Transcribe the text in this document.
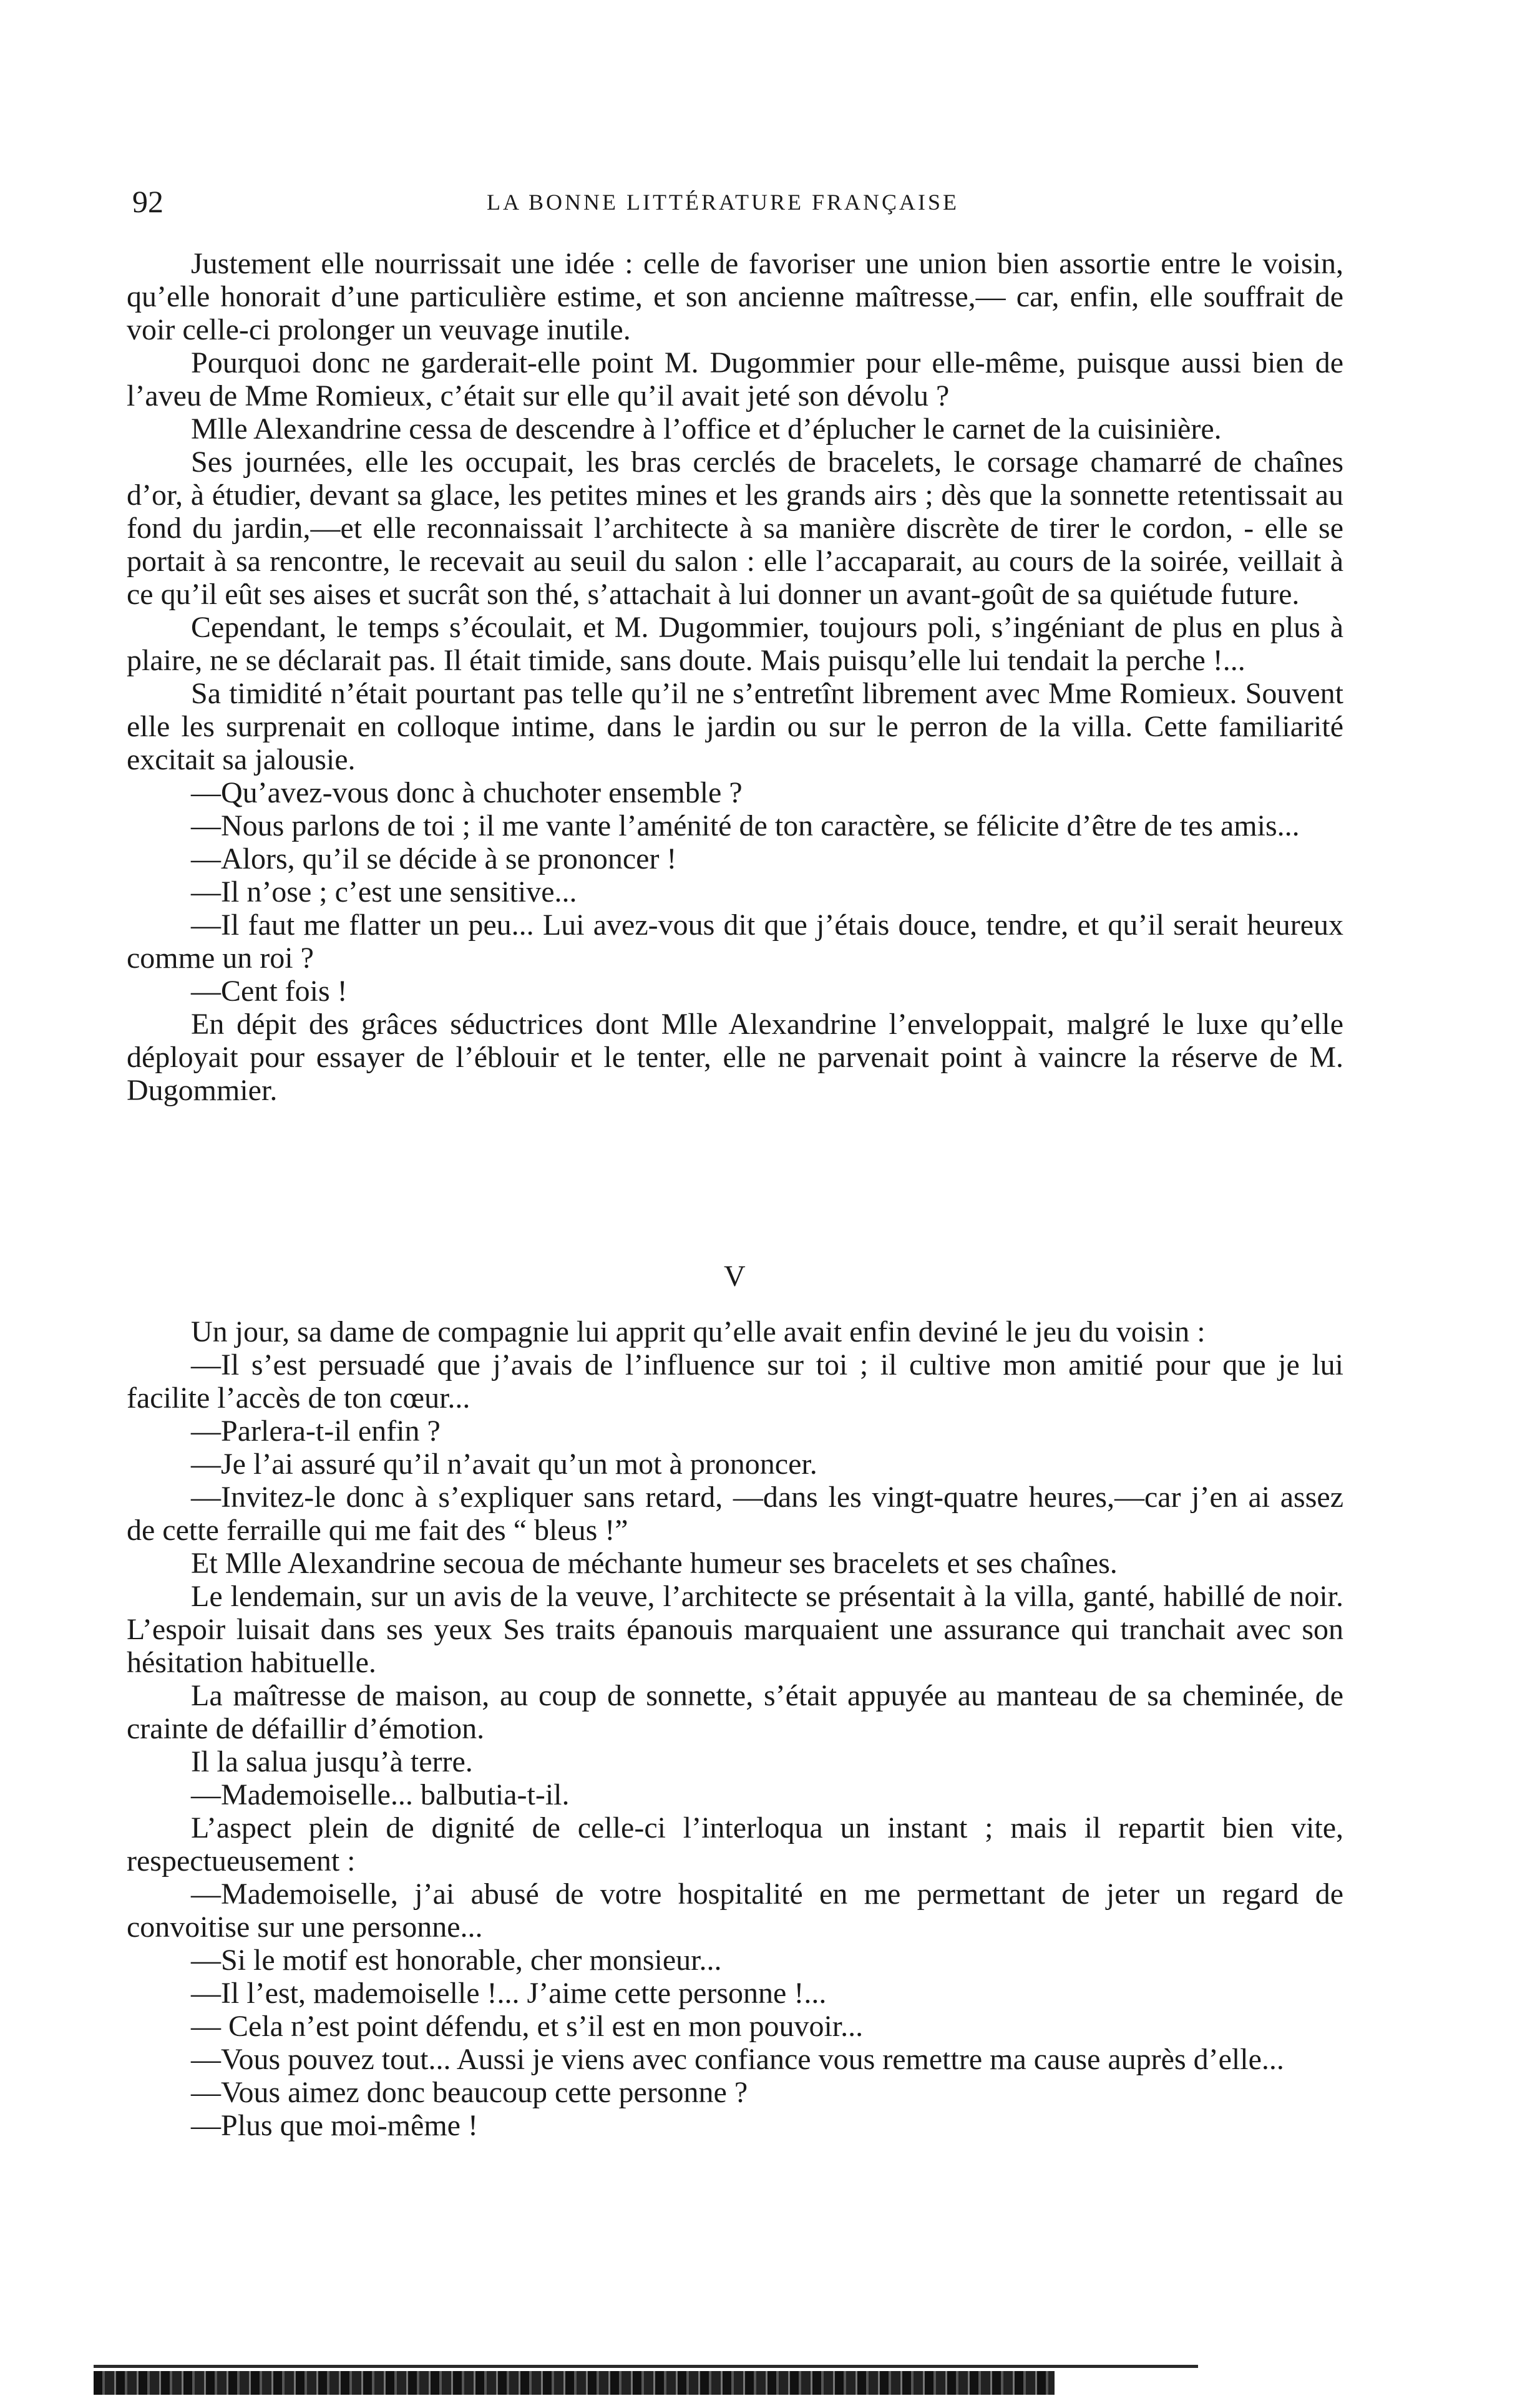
92	LA BONNE LITTÉRATURE FRANÇAISE

Justement elle nourrissait une idée : celle de favoriser une union bien assortie entre le voisin, qu’elle honorait d’une particulière estime, et son ancienne maîtresse,— car, enfin, elle souffrait de voir celle-ci prolonger un veuvage inutile.

Pourquoi donc ne garderait-elle point M. Dugommier pour elle-même, puisque aussi bien de l’aveu de Mme Romieux, c’était sur elle qu’il avait jeté son dévolu ?

Mlle Alexandrine cessa de descendre à l’office et d’éplucher le carnet de la cuisinière.

Ses journées, elle les occupait, les bras cerclés de bracelets, le corsage chamarré de chaînes d’or, à étudier, devant sa glace, les petites mines et les grands airs ; dès que la sonnette retentissait au fond du jardin,—et elle reconnaissait l’architecte à sa manière discrète de tirer le cordon, - elle se portait à sa rencontre, le recevait au seuil du salon : elle l’accaparait, au cours de la soirée, veillait à ce qu’il eût ses aises et sucrât son thé, s’attachait à lui donner un avant-goût de sa quiétude future.

Cependant, le temps s’écoulait, et M. Dugommier, toujours poli, s’ingéniant de plus en plus à plaire, ne se déclarait pas. Il était timide, sans doute. Mais puisqu’elle lui tendait la perche !...

Sa timidité n’était pourtant pas telle qu’il ne s’entretînt librement avec Mme Romieux. Souvent elle les surprenait en colloque intime, dans le jardin ou sur le perron de la villa. Cette familiarité excitait sa jalousie.

—Qu’avez-vous donc à chuchoter ensemble ?

—Nous parlons de toi ; il me vante l’aménité de ton caractère, se félicite d’être de tes amis...

—Alors, qu’il se décide à se prononcer !

—Il n’ose ; c’est une sensitive...

—Il faut me flatter un peu... Lui avez-vous dit que j’étais douce, tendre, et qu’il serait heureux comme un roi ?

—Cent fois !

En dépit des grâces séductrices dont Mlle Alexandrine l’enveloppait, malgré le luxe qu’elle déployait pour essayer de l’éblouir et le tenter, elle ne parvenait point à vaincre la réserve de M. Dugommier.

V

Un jour, sa dame de compagnie lui apprit qu’elle avait enfin deviné le jeu du voisin :

—Il s’est persuadé que j’avais de l’influence sur toi ; il cultive mon amitié pour que je lui facilite l’accès de ton cœur...

—Parlera-t-il enfin ?

—Je l’ai assuré qu’il n’avait qu’un mot à prononcer.

—Invitez-le donc à s’expliquer sans retard, —dans les vingt-quatre heures,—car j’en ai assez de cette ferraille qui me fait des “ bleus !”

Et Mlle Alexandrine secoua de méchante humeur ses bracelets et ses chaînes.

Le lendemain, sur un avis de la veuve, l’architecte se présentait à la villa, ganté, habillé de noir. L’espoir luisait dans ses yeux Ses traits épanouis marquaient une assurance qui tranchait avec son hésitation habituelle.

La maîtresse de maison, au coup de sonnette, s’était appuyée au manteau de sa cheminée, de crainte de défaillir d’émotion.

Il la salua jusqu’à terre.

—Mademoiselle... balbutia-t-il.

L’aspect plein de dignité de celle-ci l’interloqua un instant ; mais il repartit bien vite, respectueusement :

—Mademoiselle, j’ai abusé de votre hospitalité en me permettant de jeter un regard de convoitise sur une personne...

—Si le motif est honorable, cher monsieur...

—Il l’est, mademoiselle !... J’aime cette personne !...

— Cela n’est point défendu, et s’il est en mon pouvoir...

—Vous pouvez tout... Aussi je viens avec confiance vous remettre ma cause auprès d’elle...

—Vous aimez donc beaucoup cette personne ?

—Plus que moi-même !
